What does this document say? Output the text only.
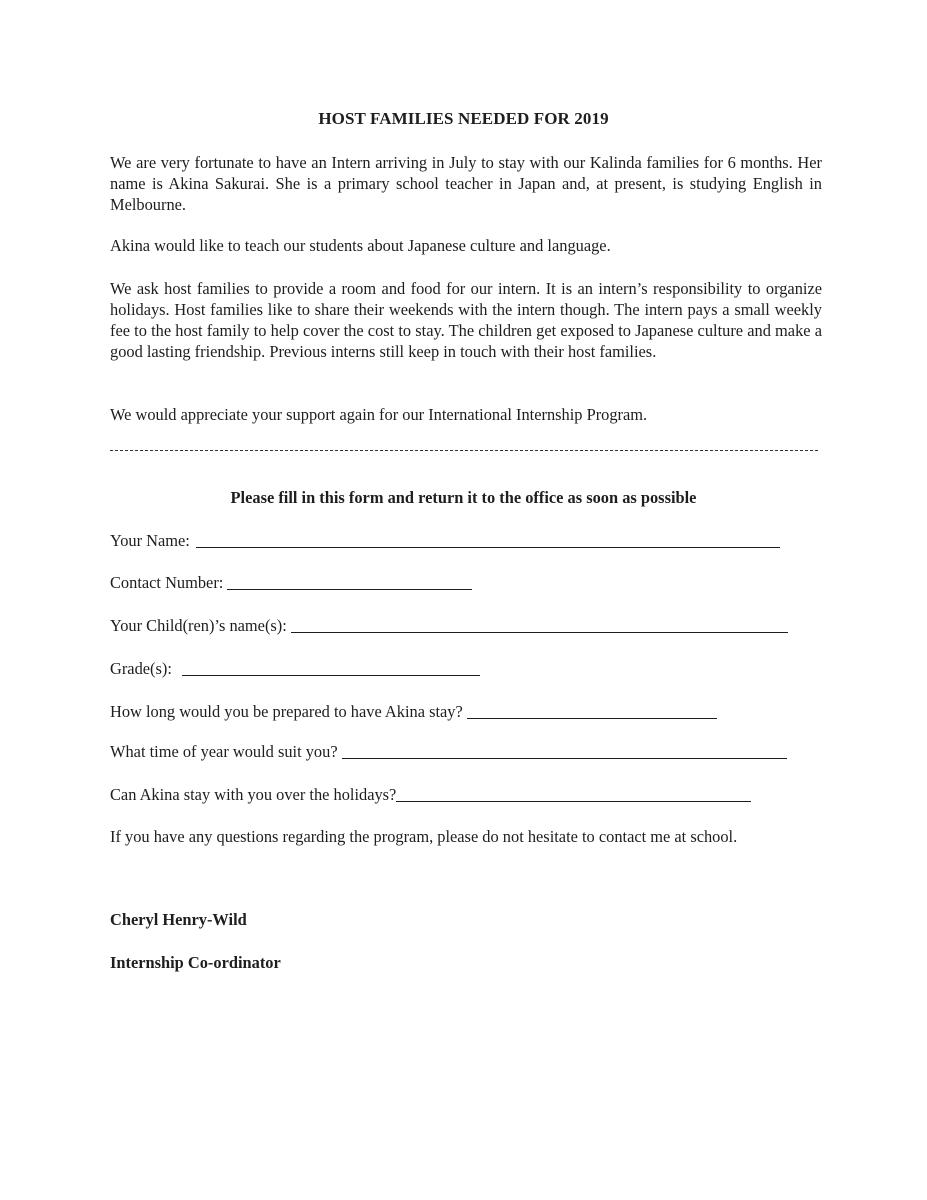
HOST FAMILIES NEEDED FOR 2019
We are very fortunate to have an Intern arriving in July to stay with our Kalinda families for 6 months. Her name is Akina Sakurai. She is a primary school teacher in Japan and, at present, is studying English in Melbourne.
Akina would like to teach our students about Japanese culture and language.
We ask host families to provide a room and food for our intern. It is an intern’s responsibility to organize holidays. Host families like to share their weekends with the intern though. The intern pays a small weekly fee to the host family to help cover the cost to stay. The children get exposed to Japanese culture and make a good lasting friendship. Previous interns still keep in touch with their host families.
We would appreciate your support again for our International Internship Program.
Please fill in this form and return it to the office as soon as possible
Your Name:
Contact Number:
Your Child(ren)’s name(s):
Grade(s):
How long would you be prepared to have Akina stay?
What time of year would suit you?
Can Akina stay with you over the holidays?
If you have any questions regarding the program, please do not hesitate to contact me at school.
Cheryl Henry-Wild
Internship Co-ordinator
